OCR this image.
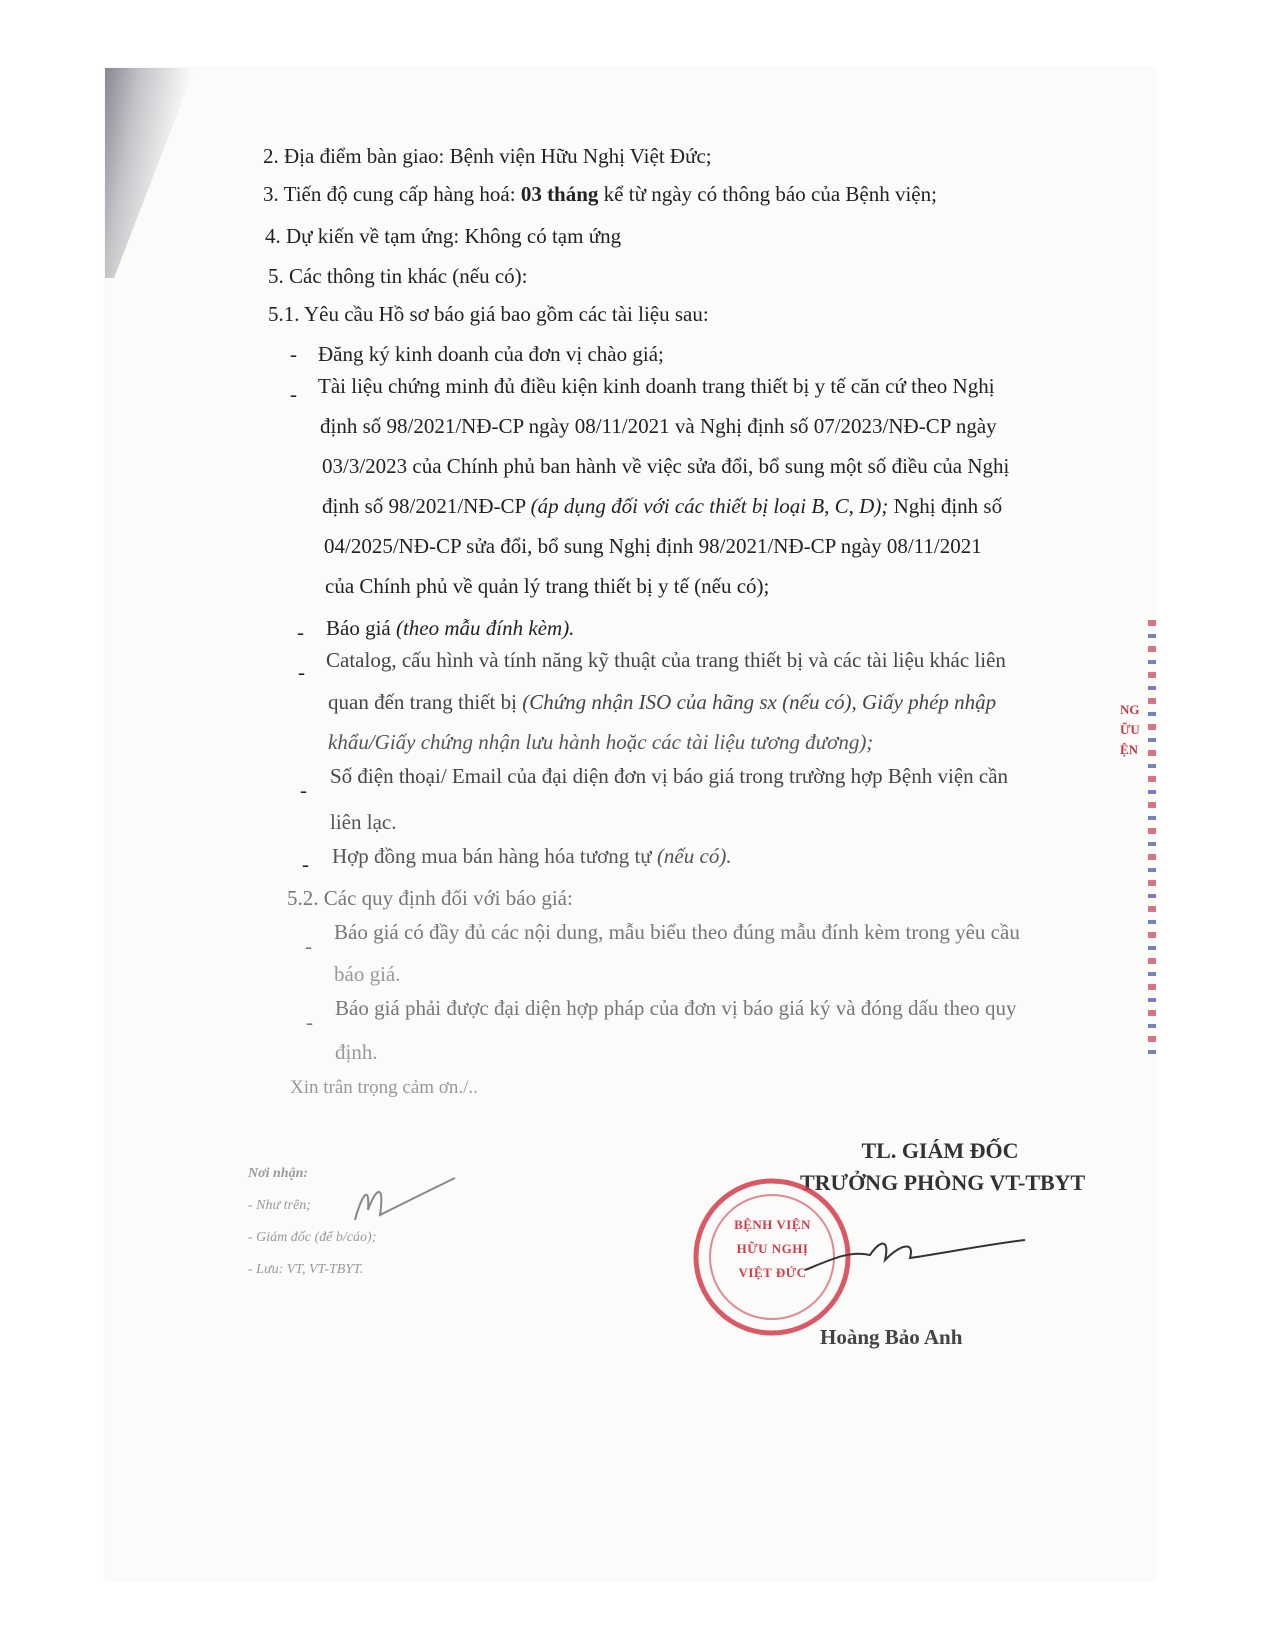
NG
ỮU
ỆN
2. Địa điểm bàn giao: Bệnh viện Hữu Nghị Việt Đức;
3. Tiến độ cung cấp hàng hoá: 03 tháng kể từ ngày có thông báo của Bệnh viện;
4. Dự kiến về tạm ứng: Không có tạm ứng
5. Các thông tin khác (nếu có):
5.1. Yêu cầu Hồ sơ báo giá bao gồm các tài liệu sau:
- Đăng ký kinh doanh của đơn vị chào giá;
- Tài liệu chứng minh đủ điều kiện kinh doanh trang thiết bị y tế căn cứ theo Nghị
định số 98/2021/NĐ-CP ngày 08/11/2021 và Nghị định số 07/2023/NĐ-CP ngày
03/3/2023 của Chính phủ ban hành về việc sửa đổi, bổ sung một số điều của Nghị
định số 98/2021/NĐ-CP (áp dụng đối với các thiết bị loại B, C, D); Nghị định số
04/2025/NĐ-CP sửa đổi, bổ sung Nghị định 98/2021/NĐ-CP ngày 08/11/2021
của Chính phủ về quản lý trang thiết bị y tế (nếu có);
- Báo giá (theo mẫu đính kèm).
- Catalog, cấu hình và tính năng kỹ thuật của trang thiết bị và các tài liệu khác liên
quan đến trang thiết bị (Chứng nhận ISO của hãng sx (nếu có), Giấy phép nhập
khẩu/Giấy chứng nhận lưu hành hoặc các tài liệu tương đương);
-
Số điện thoại/ Email của đại diện đơn vị báo giá trong trường hợp Bệnh viện cần
liên lạc.
- Hợp đồng mua bán hàng hóa tương tự (nếu có).
5.2. Các quy định đối với báo giá:
-
Báo giá có đầy đủ các nội dung, mẫu biểu theo đúng mẫu đính kèm trong yêu cầu
báo giá.
-
Báo giá phải được đại diện hợp pháp của đơn vị báo giá ký và đóng dấu theo quy
định.
Xin trân trọng cảm ơn./..
Nơi nhận:
- Như trên;
- Giám đốc (để b/cáo);
- Lưu: VT, VT-TBYT.
TL. GIÁM ĐỐC
TRƯỞNG PHÒNG VT-TBYT
BỆNH VIỆN
HỮU NGHỊ
VIỆT ĐỨC
Hoàng Bảo Anh
